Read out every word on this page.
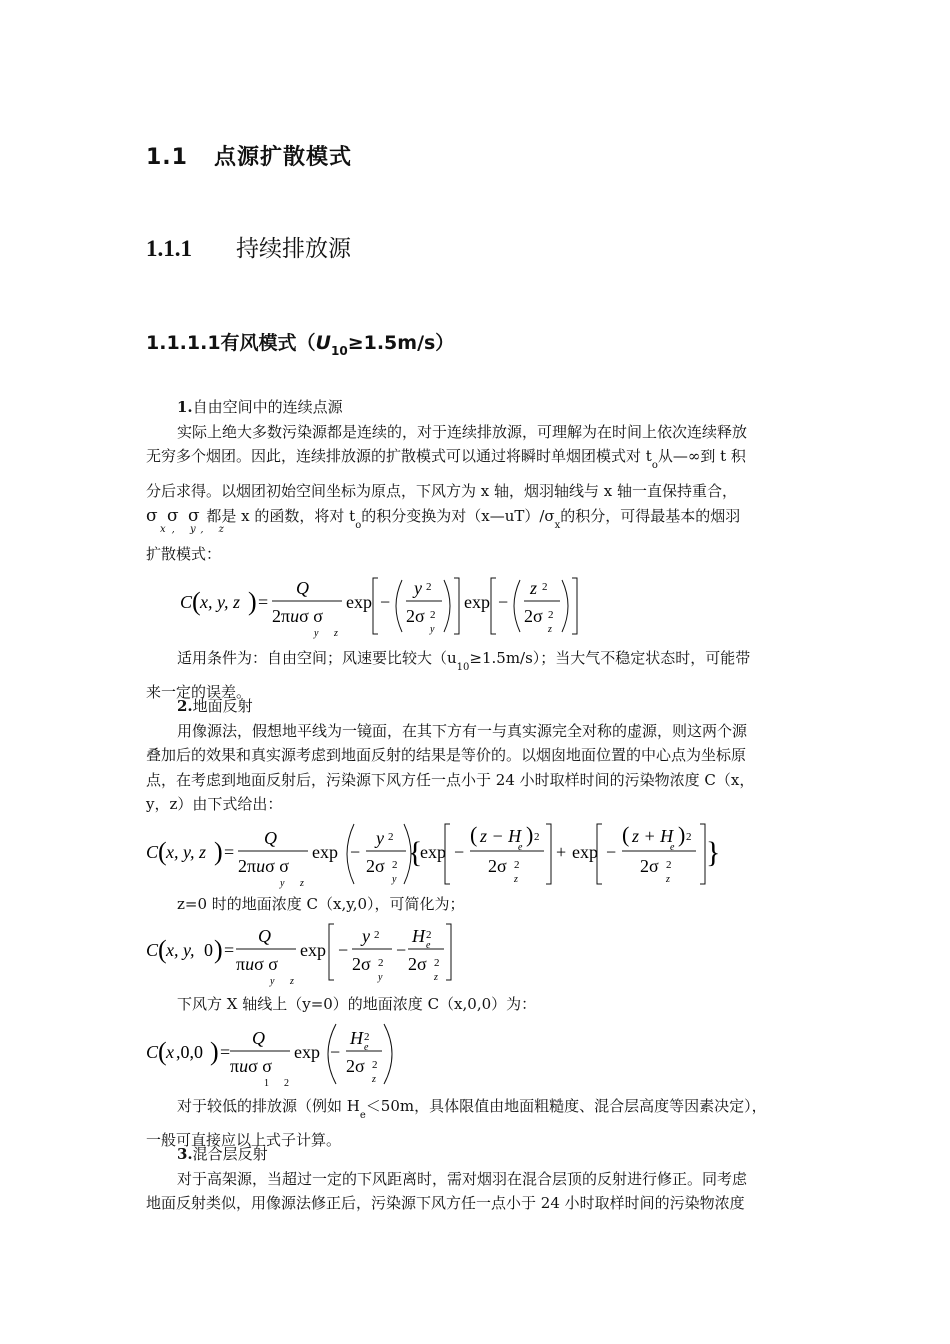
1.1 点源扩散模式
1.1.1 持续排放源
1.1.1.1有风模式$(U_{10}\ge 1.5m/s)$
1.自由空间中的连续点源
实际上绝大多数污染源都是连续的，对于连续排放源，可理解为在时间上依次连续释放
无穷多个烟团。因此，连续排放源的扩散模式可以通过将瞬时单烟团模式对 $t_o$从—∞到 t 积
分后求得。以烟团初始空间坐标为原点，下风方为 x 轴，烟羽轴线与 x 轴一直保持重合，
σ σ σ 都是 x 的函数，将对 $t_o$的积分变换为对$(x—uT)/\sigma_x$的积分，可得最基本的烟羽
x, y, z
扩散模式：
C ( x, y, z ) =
Q
2πuσ σ
y z
exp −
y 2
2σ 2
y
exp −
z 2
2σ 2
z
适用条件为：自由空间；风速要比较大$(u_{10}\ge 1.5m/s)$；当大气不稳定状态时，可能带
来一定的误差。
2.地面反射
用像源法，假想地平线为一镜面，在其下方有一与真实源完全对称的虚源，则这两个源
叠加后的效果和真实源考虑到地面反射的结果是等价的。以烟囱地面位置的中心点为坐标原
点，在考虑到地面反射后，污染源下风方任一点小于 24 小时取样时间的污染物浓度 C（x，
y，z）由下式给出：
C ( x, y, z ) =
Q
2πuσ σ
y z
exp −
y 2
2σ 2
y
{
exp −
( z − H ) 2
e
2σ 2
z
+ exp −
( z + H ) 2
e
2σ 2
z
}
z=0 时的地面浓度 C（x,y,0），可简化为；
C ( x, y, 0 ) =
Q
πuσ σ
y z
exp −
y 2
2σ 2
y
−
H 2
e
2σ 2
z
下风方 X 轴线上（y=0）的地面浓度 C（x,0,0）为：
C ( x ,0,0 ) =
Q
πuσ σ
1 2
exp −
H 2
e
2σ 2
z
对于较低的排放源（例如 $H_e<50m$，具体限值由地面粗糙度、混合层高度等因素决定），
一般可直接应以上式子计算。
3.混合层反射
对于高架源，当超过一定的下风距离时，需对烟羽在混合层顶的反射进行修正。同考虑
地面反射类似，用像源法修正后，污染源下风方任一点小于 24 小时取样时间的污染物浓度
